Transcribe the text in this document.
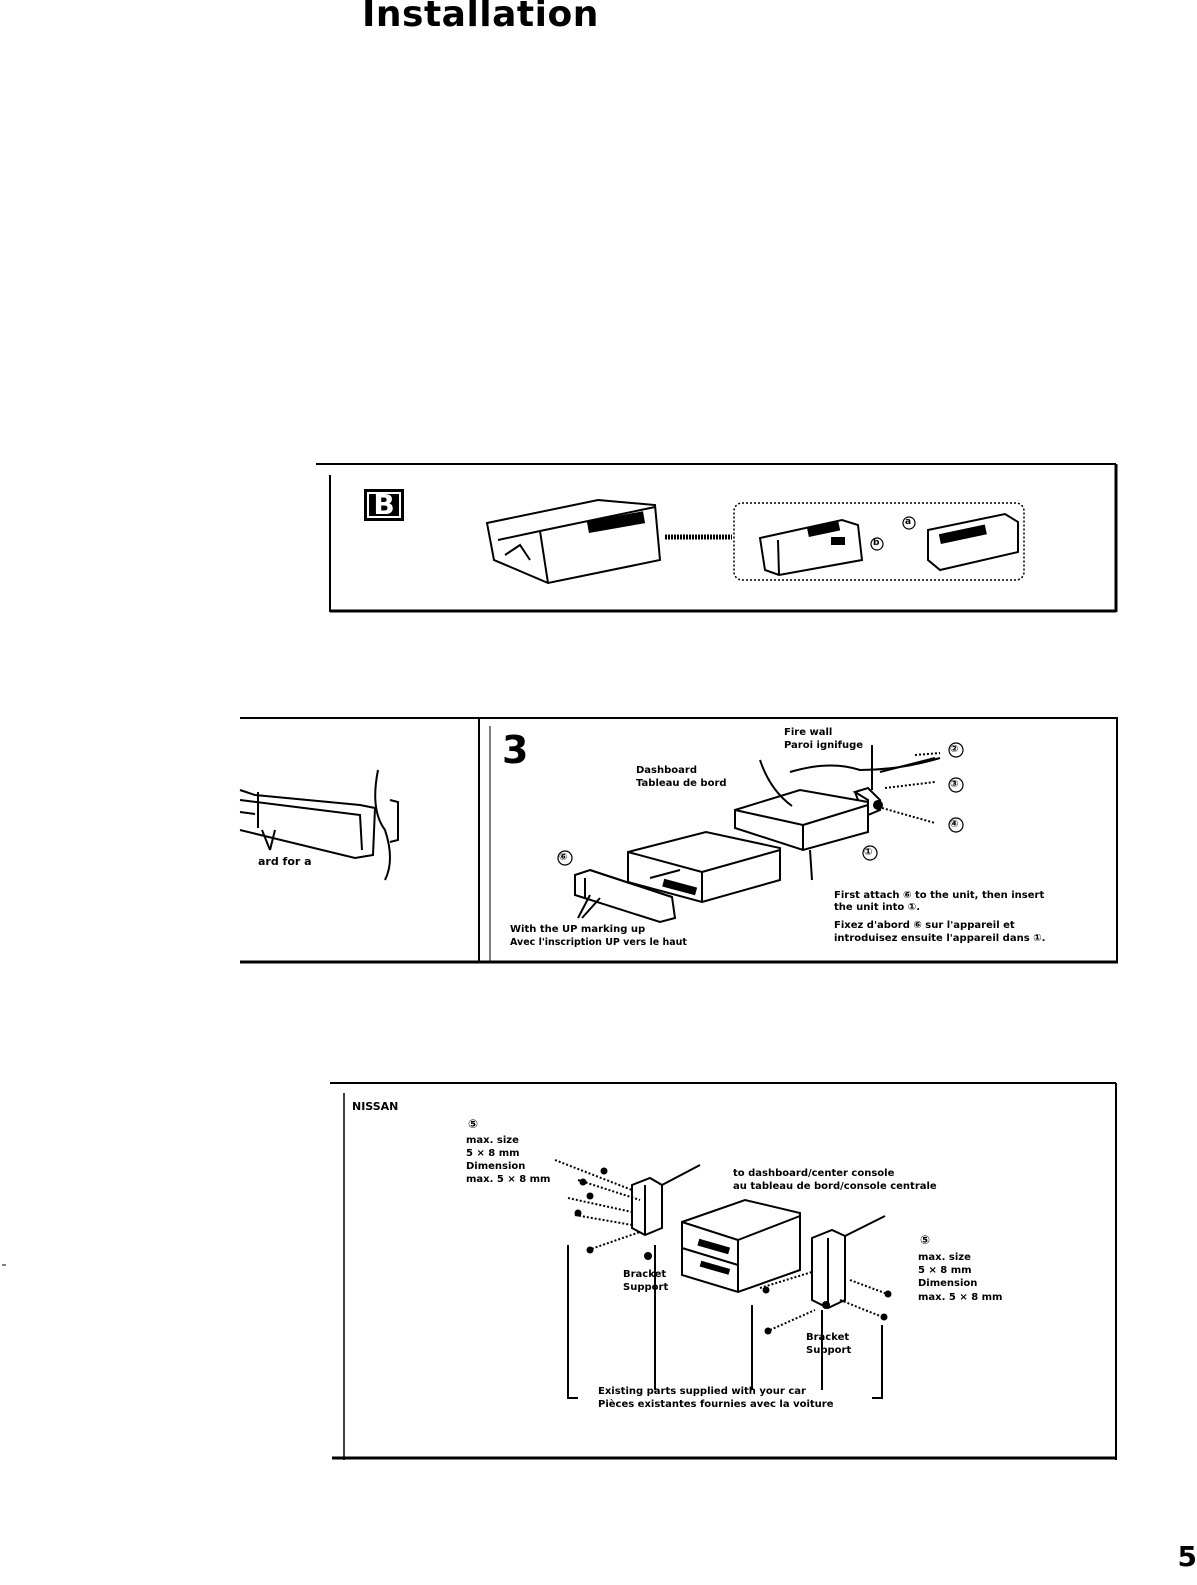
Installation
B
b
a
ard for a
3	Fire wall
Paroi ignifuge
Dashboard
Tableau de bord
②
③
④
①
⑥
With the UP marking up
Avec l'inscription UP vers le haut
First attach ⑥ to the unit, then insert
the unit into ①.
Fixez d'abord ⑥ sur l'appareil et
introduisez ensuite l'appareil dans ①.
NISSAN
⑤
max. size
5 × 8 mm
Dimension
max. 5 × 8 mm
to dashboard/center console
au tableau de bord/console centrale
⑤
max. size
5 × 8 mm
Dimension
max. 5 × 8 mm
Bracket
Support
Bracket
Support
Existing parts supplied with your car
Pièces existantes fournies avec la voiture
5
